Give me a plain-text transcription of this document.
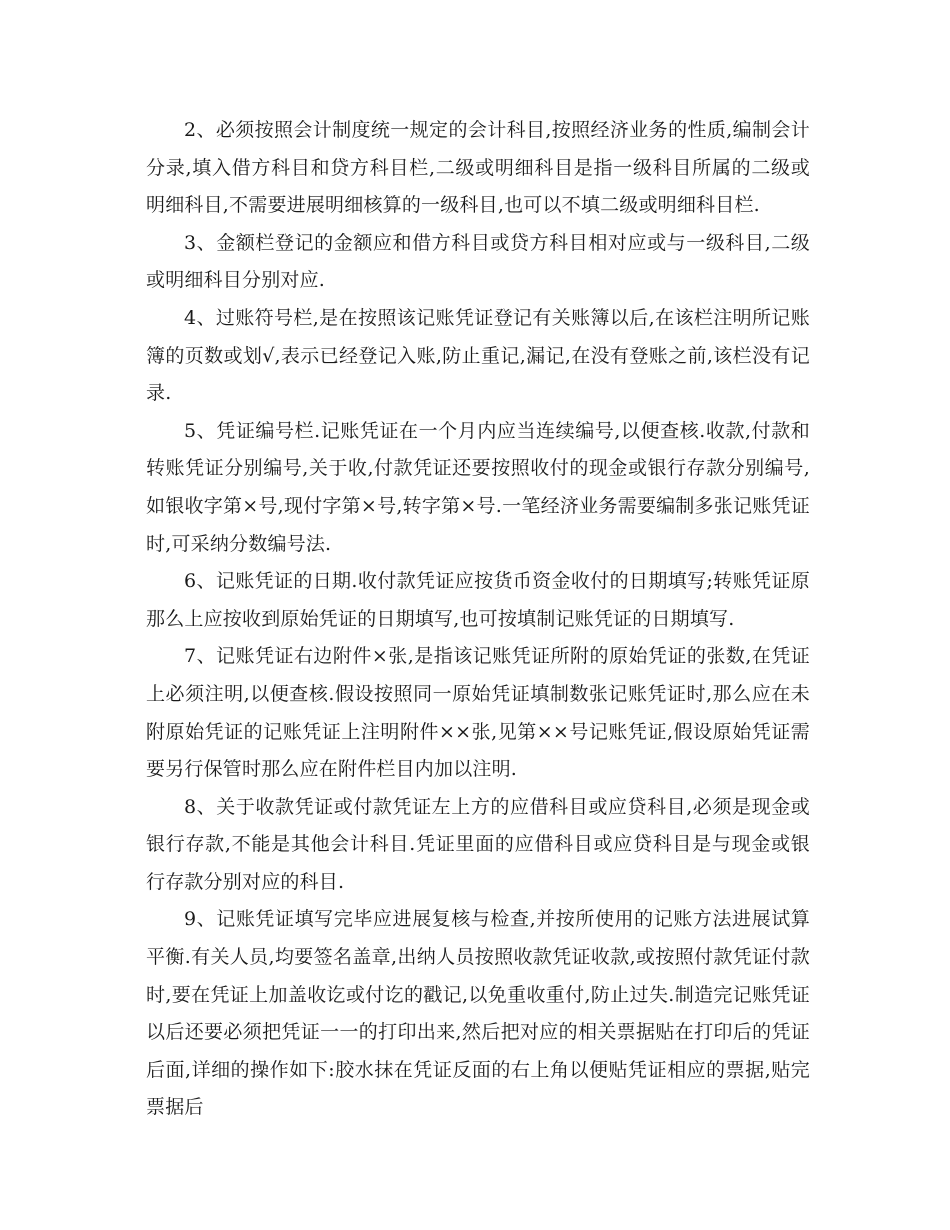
2、必须按照会计制度统一规定的会计科目,按照经济业务的性质,编制会计分录,填入借方科目和贷方科目栏,二级或明细科目是指一级科目所属的二级或明细科目,不需要进展明细核算的一级科目,也可以不填二级或明细科目栏.

3、金额栏登记的金额应和借方科目或贷方科目相对应或与一级科目,二级或明细科目分别对应.

4、过账符号栏,是在按照该记账凭证登记有关账簿以后,在该栏注明所记账簿的页数或划√,表示已经登记入账,防止重记,漏记,在没有登账之前,该栏没有记录.

5、凭证编号栏.记账凭证在一个月内应当连续编号,以便查核.收款,付款和转账凭证分别编号,关于收,付款凭证还要按照收付的现金或银行存款分别编号,如银收字第×号,现付字第×号,转字第×号.一笔经济业务需要编制多张记账凭证时,可采纳分数编号法.

6、记账凭证的日期.收付款凭证应按货币资金收付的日期填写;转账凭证原那么上应按收到原始凭证的日期填写,也可按填制记账凭证的日期填写.

7、记账凭证右边附件×张,是指该记账凭证所附的原始凭证的张数,在凭证上必须注明,以便查核.假设按照同一原始凭证填制数张记账凭证时,那么应在未附原始凭证的记账凭证上注明附件××张,见第××号记账凭证,假设原始凭证需要另行保管时那么应在附件栏目内加以注明.

8、关于收款凭证或付款凭证左上方的应借科目或应贷科目,必须是现金或银行存款,不能是其他会计科目.凭证里面的应借科目或应贷科目是与现金或银行存款分别对应的科目.

9、记账凭证填写完毕应进展复核与检查,并按所使用的记账方法进展试算平衡.有关人员,均要签名盖章,出纳人员按照收款凭证收款,或按照付款凭证付款时,要在凭证上加盖收讫或付讫的戳记,以免重收重付,防止过失.制造完记账凭证以后还要必须把凭证一一的打印出来,然后把对应的相关票据贴在打印后的凭证后面,详细的操作如下:胶水抹在凭证反面的右上角以便贴凭证相应的票据,贴完票据后
